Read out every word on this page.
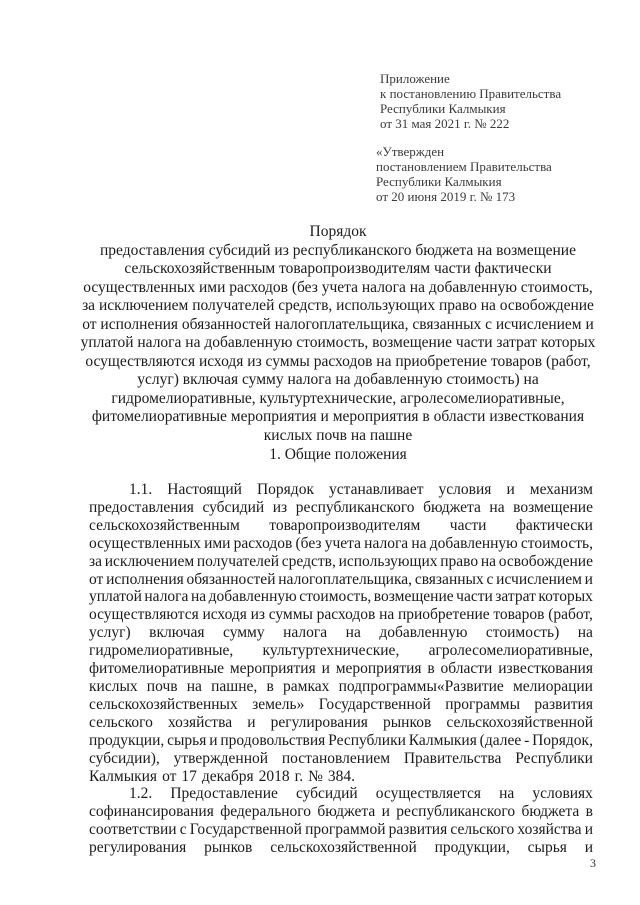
Приложение
к постановлению Правительства
Республики Калмыкия
от 31 мая 2021 г. № 222
«Утвержден
постановлением Правительства
Республики Калмыкия
от 20 июня 2019 г. № 173
Порядок
предоставления субсидий из республиканского бюджета на возмещение
сельскохозяйственным товаропроизводителям части фактически
осуществленных ими расходов (без учета налога на добавленную стоимость,
за исключением получателей средств, использующих право на освобождение
от исполнения обязанностей налогоплательщика, связанных с исчислением и
уплатой налога на добавленную стоимость, возмещение части затрат которых
осуществляются исходя из суммы расходов на приобретение товаров (работ,
услуг) включая сумму налога на добавленную стоимость) на
гидромелиоративные, культуртехнические, агролесомелиоративные,
фитомелиоративные мероприятия и мероприятия в области известкования
кислых почв на пашне
1. Общие положения
1.1. Настоящий Порядок устанавливает условия и механизм
предоставления субсидий из республиканского бюджета на возмещение
сельскохозяйственным товаропроизводителям части фактически
осуществленных ими расходов (без учета налога на добавленную стоимость,
за исключением получателей средств, использующих право на освобождение
от исполнения обязанностей налогоплательщика, связанных с исчислением и
уплатой налога на добавленную стоимость, возмещение части затрат которых
осуществляются исходя из суммы расходов на приобретение товаров (работ,
услуг) включая сумму налога на добавленную стоимость) на
гидромелиоративные, культуртехнические, агролесомелиоративные,
фитомелиоративные мероприятия и мероприятия в области известкования
кислых почв на пашне, в рамках подпрограммы«Развитие мелиорации
сельскохозяйственных земель» Государственной программы развития
сельского хозяйства и регулирования рынков сельскохозяйственной
продукции, сырья и продовольствия Республики Калмыкия (далее - Порядок,
субсидии), утвержденной постановлением Правительства Республики
Калмыкия от 17 декабря 2018 г. № 384.
1.2. Предоставление субсидий осуществляется на условиях
софинансирования федерального бюджета и республиканского бюджета в
соответствии с Государственной программой развития сельского хозяйства и
регулирования рынков сельскохозяйственной продукции, сырья и
3
